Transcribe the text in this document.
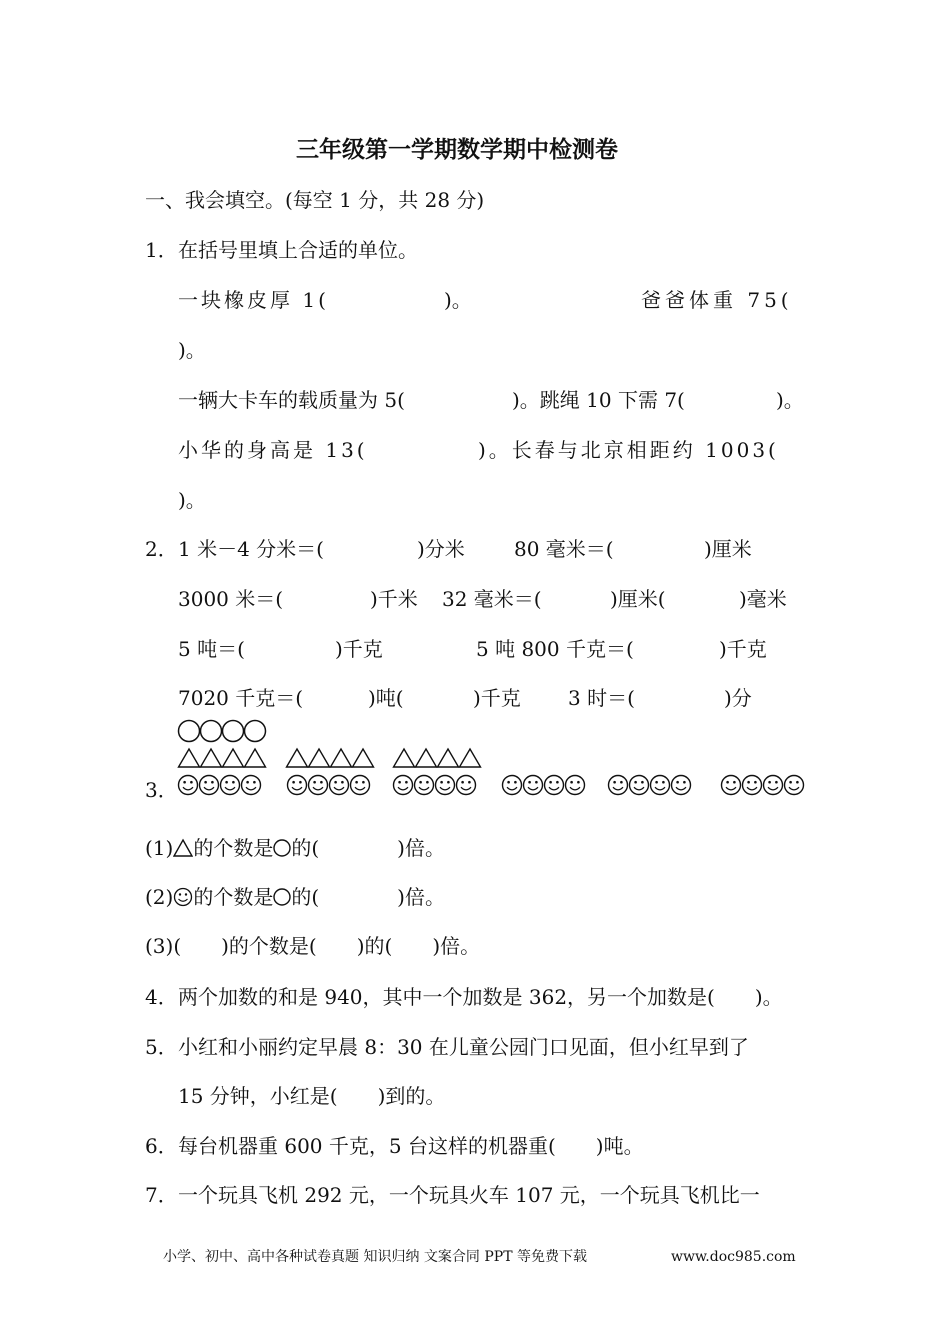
三年级第一学期数学期中检测卷
一、我会填空。(每空 1 分，共 28 分)
1． 在括号里填上合适的单位。
一块橡皮厚 1(	)。	爸爸体重 75(
)。
一辆大卡车的载质量为 5(	)。跳绳 10 下需 7(	)。
小华的身高是 13(	)。长春与北京相距约 1003(
)。
2． 1 米－4 分米＝(	)分米 80 毫米＝(	)厘米
3000 米＝(	)千米 32 毫米＝(	)厘米(	)毫米
5 吨＝(	)千克	5 吨 800 千克＝(	)千克
7020 千克＝(	)吨(	)千克 3 时＝(	)分
3．
(1) 的个数是 的(	)倍。
(2) 的个数是 的(	)倍。
(3)(　　)的个数是(　　)的(　　)倍。
4． 两个加数的和是 940，其中一个加数是 362，另一个加数是(　　)。
5． 小红和小丽约定早晨 8：30 在儿童公园门口见面，但小红早到了
15 分钟，小红是(　　)到的。
6． 每台机器重 600 千克，5 台这样的机器重(　　)吨。
7． 一个玩具飞机 292 元，一个玩具火车 107 元，一个玩具飞机比一
小学、初中、高中各种试卷真题 知识归纳 文案合同 PPT 等免费下载	www.doc985.com
